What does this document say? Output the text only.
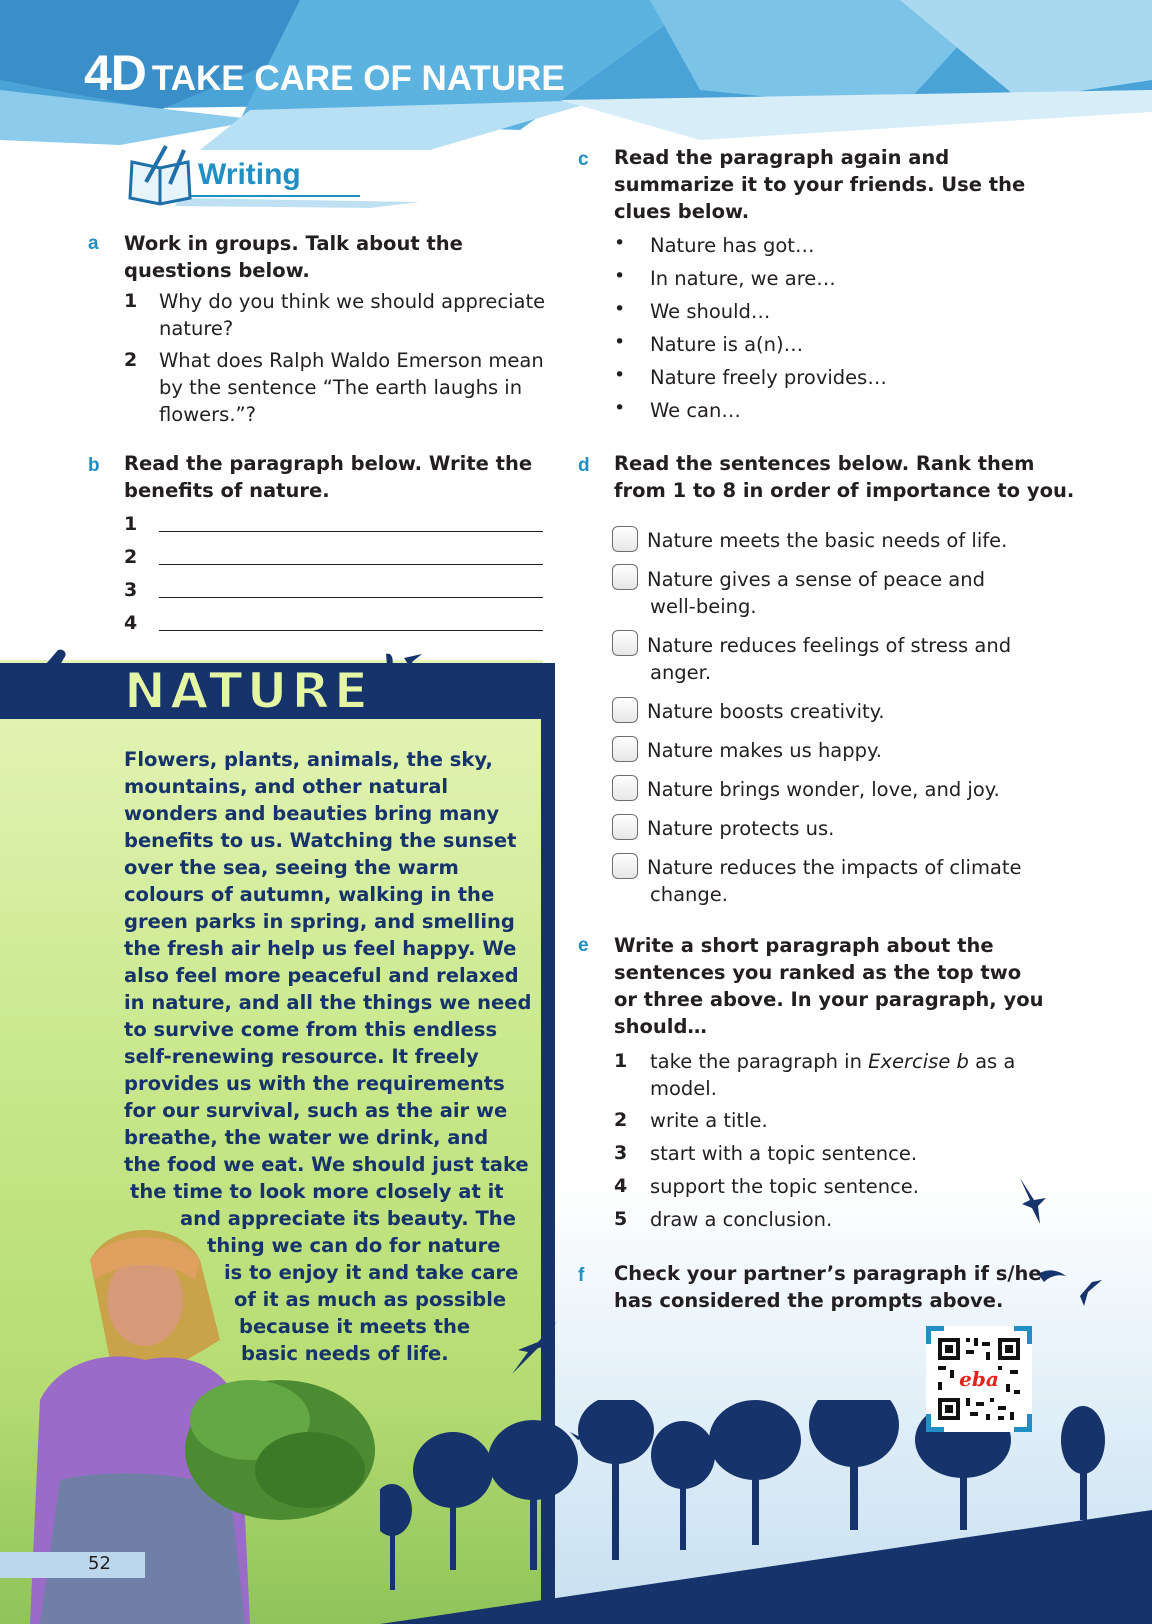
4D TAKE CARE OF NATURE
Writing
a Work in groups. Talk about the
questions below.
1 Why do you think we should appreciate
nature?
2 What does Ralph Waldo Emerson mean
by the sentence “The earth laughs in
flowers.”?
b Read the paragraph below. Write the
benefits of nature.
1
2
3
4
NATURE
Flowers, plants, animals, the sky,
mountains, and other natural
wonders and beauties bring many
benefits to us. Watching the sunset
over the sea, seeing the warm
colours of autumn, walking in the
green parks in spring, and smelling
the fresh air help us feel happy. We
also feel more peaceful and relaxed
in nature, and all the things we need
to survive come from this endless
self-renewing resource. It freely
provides us with the requirements
for our survival, such as the air we
breathe, the water we drink, and
the food we eat. We should just take
the time to look more closely at it
and appreciate its beauty. The
thing we can do for nature
is to enjoy it and take care
of it as much as possible
because it meets the
basic needs of life.
c Read the paragraph again and
summarize it to your friends. Use the
clues below.
• Nature has got…
• In nature, we are…
• We should…
• Nature is a(n)…
• Nature freely provides…
• We can…
d Read the sentences below. Rank them
from 1 to 8 in order of importance to you.
Nature meets the basic needs of life.
Nature gives a sense of peace and
well-being.
Nature reduces feelings of stress and
anger.
Nature boosts creativity.
Nature makes us happy.
Nature brings wonder, love, and joy.
Nature protects us.
Nature reduces the impacts of climate
change.
e Write a short paragraph about the
sentences you ranked as the top two
or three above. In your paragraph, you
should…
1 take the paragraph in Exercise b as a
model.
2 write a title.
3 start with a topic sentence.
4 support the topic sentence.
5 draw a conclusion.
f Check your partner’s paragraph if s/he
has considered the prompts above.
eba
52
